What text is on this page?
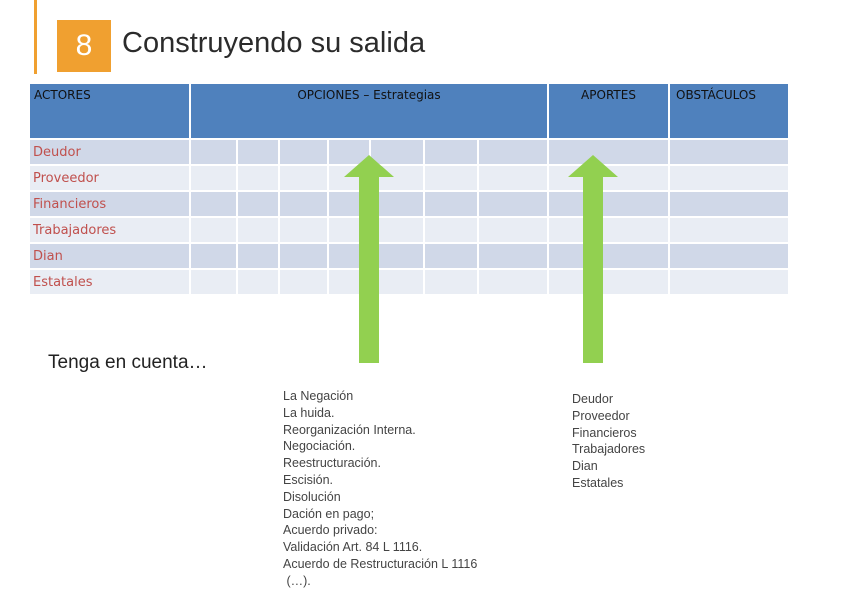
8	Construyendo su salida
ACTORES	OPCIONES – Estrategias							APORTES	OBSTÁCULOS

Deudor									
Proveedor									
Financieros									
Trabajadores									
Dian									
Estatales									
Tenga en cuenta…
La Negación
La huida.
Reorganización Interna.
Negociación.
Reestructuración.
Escisión.
Disolución
Dación en pago;
Acuerdo privado:
Validación Art. 84 L 1116.
Acuerdo de Restructuración L 1116
(…).
Deudor
Proveedor
Financieros
Trabajadores
Dian
Estatales
